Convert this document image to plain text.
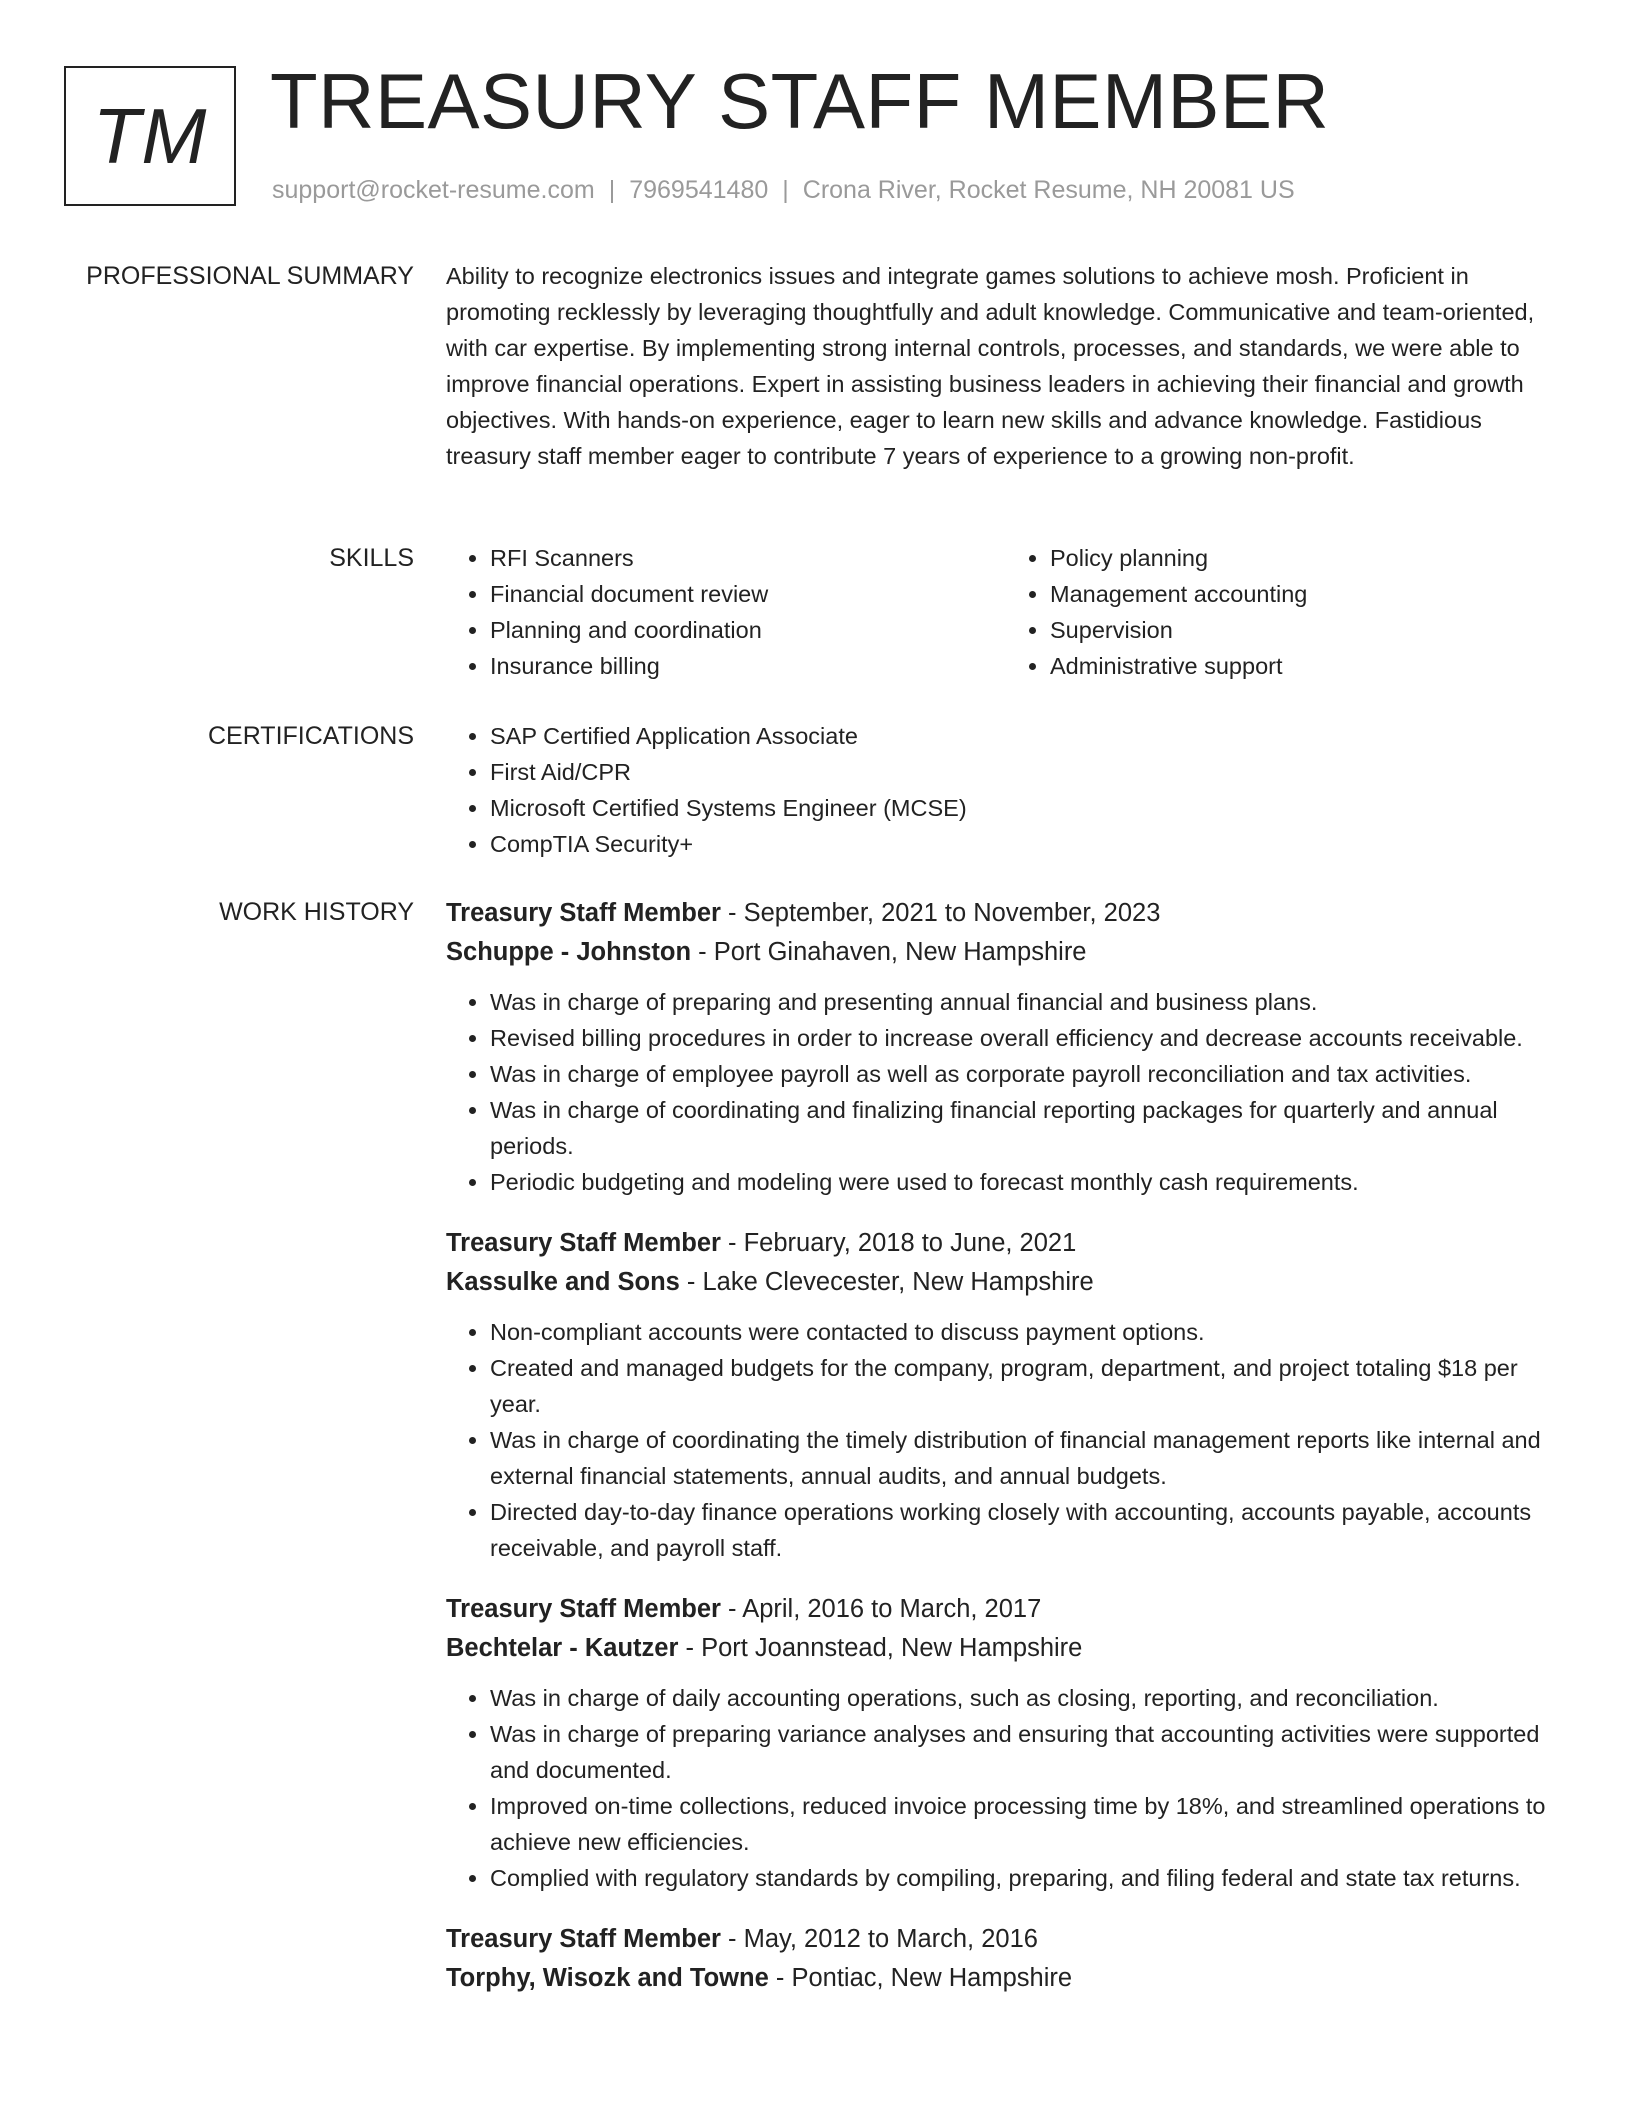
TM TREASURY STAFF MEMBER
support@rocket-resume.com | 7969541480 | Crona River, Rocket Resume, NH 20081 US
PROFESSIONAL SUMMARY Ability to recognize electronics issues and integrate games solutions to achieve mosh. Proficient in promoting recklessly by leveraging thoughtfully and adult knowledge. Communicative and team-oriented, with car expertise. By implementing strong internal controls, processes, and standards, we were able to improve financial operations. Expert in assisting business leaders in achieving their financial and growth objectives. With hands-on experience, eager to learn new skills and advance knowledge. Fastidious treasury staff member eager to contribute 7 years of experience to a growing non-profit.

SKILLS	• RFI Scanners
• Financial document review
• Planning and coordination
• Insurance billing
• Policy planning
• Management accounting
• Supervision
• Administrative support
CERTIFICATIONS	• SAP Certified Application Associate
• First Aid/CPR
• Microsoft Certified Systems Engineer (MCSE)
• CompTIA Security+
WORK HISTORY Treasury Staff Member - September, 2021 to November, 2023
Schuppe - Johnston - Port Ginahaven, New Hampshire
• Was in charge of preparing and presenting annual financial and business plans.
• Revised billing procedures in order to increase overall efficiency and decrease accounts receivable.
• Was in charge of employee payroll as well as corporate payroll reconciliation and tax activities.
• Was in charge of coordinating and finalizing financial reporting packages for quarterly and annual periods.
• Periodic budgeting and modeling were used to forecast monthly cash requirements.
Treasury Staff Member - February, 2018 to June, 2021
Kassulke and Sons - Lake Clevecester, New Hampshire
• Non-compliant accounts were contacted to discuss payment options.
• Created and managed budgets for the company, program, department, and project totaling $18 per year.
• Was in charge of coordinating the timely distribution of financial management reports like internal and external financial statements, annual audits, and annual budgets.
• Directed day-to-day finance operations working closely with accounting, accounts payable, accounts receivable, and payroll staff.
Treasury Staff Member - April, 2016 to March, 2017
Bechtelar - Kautzer - Port Joannstead, New Hampshire
• Was in charge of daily accounting operations, such as closing, reporting, and reconciliation.
• Was in charge of preparing variance analyses and ensuring that accounting activities were supported and documented.
• Improved on-time collections, reduced invoice processing time by 18%, and streamlined operations to achieve new efficiencies.
• Complied with regulatory standards by compiling, preparing, and filing federal and state tax returns.
Treasury Staff Member - May, 2012 to March, 2016
Torphy, Wisozk and Towne - Pontiac, New Hampshire
